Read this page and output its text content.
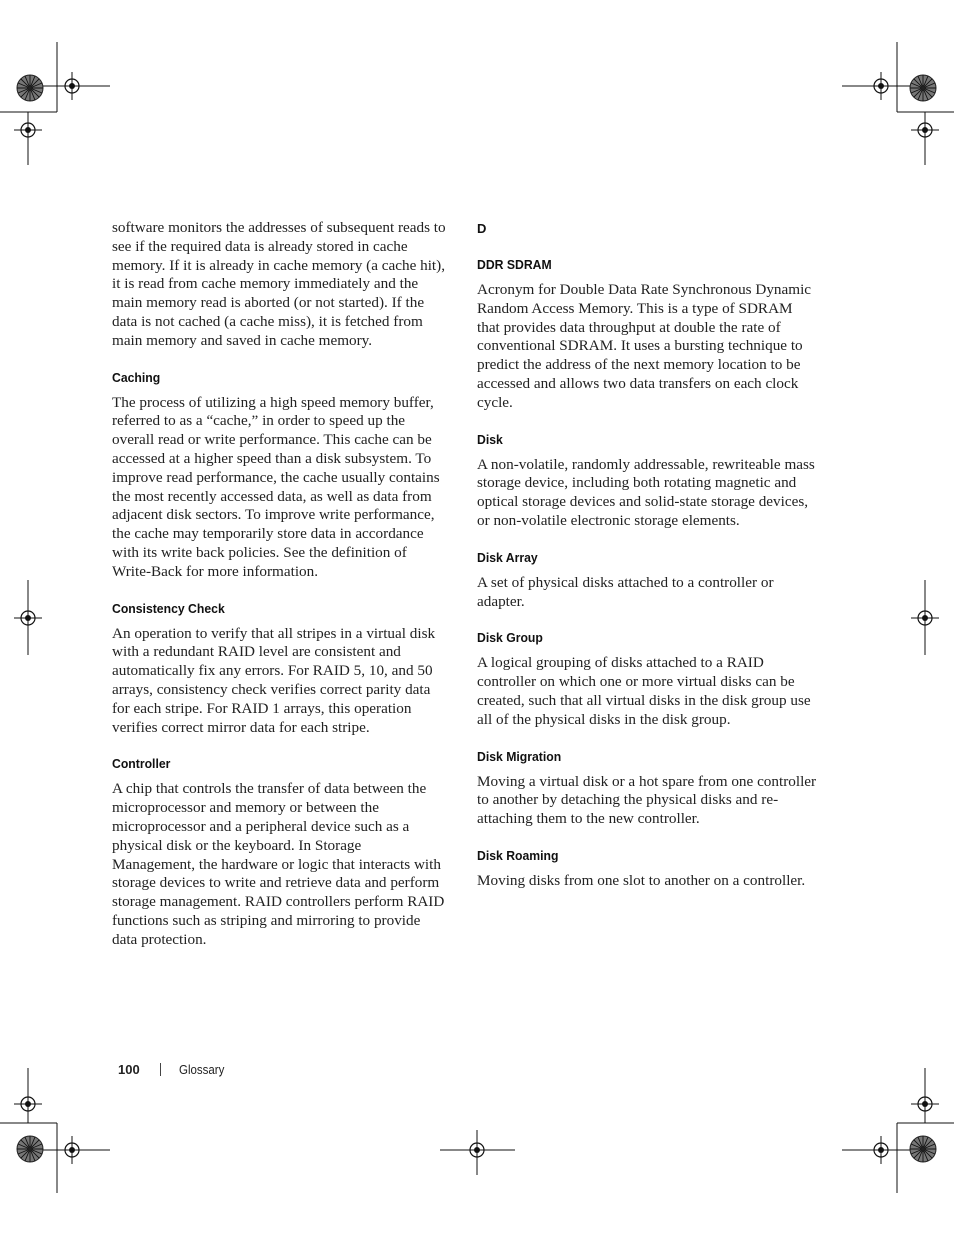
software monitors the addresses of subsequent reads to see if the required data is already stored in cache memory. If it is already in cache memory (a cache hit), it is read from cache memory immediately and the main memory read is aborted (or not started). If the data is not cached (a cache miss), it is fetched from main memory and saved in cache memory.

Caching

The process of utilizing a high speed memory buffer, referred to as a “cache,” in order to speed up the overall read or write performance. This cache can be accessed at a higher speed than a disk subsystem. To improve read performance, the cache usually contains the most recently accessed data, as well as data from adjacent disk sectors. To improve write performance, the cache may temporarily store data in accordance with its write back policies. See the definition of Write-Back for more information.

Consistency Check

An operation to verify that all stripes in a virtual disk with a redundant RAID level are consistent and automatically fix any errors. For RAID 5, 10, and 50 arrays, consistency check verifies correct parity data for each stripe. For RAID 1 arrays, this operation verifies correct mirror data for each stripe.

Controller

A chip that controls the transfer of data between the microprocessor and memory or between the microprocessor and a peripheral device such as a physical disk or the keyboard. In Storage Management, the hardware or logic that interacts with storage devices to write and retrieve data and perform storage management. RAID controllers perform RAID functions such as striping and mirroring to provide data protection.

D
DDR SDRAM

Acronym for Double Data Rate Synchronous Dynamic Random Access Memory. This is a type of SDRAM that provides data throughput at double the rate of conventional SDRAM. It uses a bursting technique to predict the address of the next memory location to be accessed and allows two data transfers on each clock cycle.

Disk

A non-volatile, randomly addressable, rewriteable mass storage device, including both rotating magnetic and optical storage devices and solid-state storage devices, or non-volatile electronic storage elements.

Disk Array

A set of physical disks attached to a controller or adapter.

Disk Group

A logical grouping of disks attached to a RAID controller on which one or more virtual disks can be created, such that all virtual disks in the disk group use all of the physical disks in the disk group.

Disk Migration

Moving a virtual disk or a hot spare from one controller to another by detaching the physical disks and re-attaching them to the new controller.

Disk Roaming

Moving disks from one slot to another on a controller.

100	Glossary
